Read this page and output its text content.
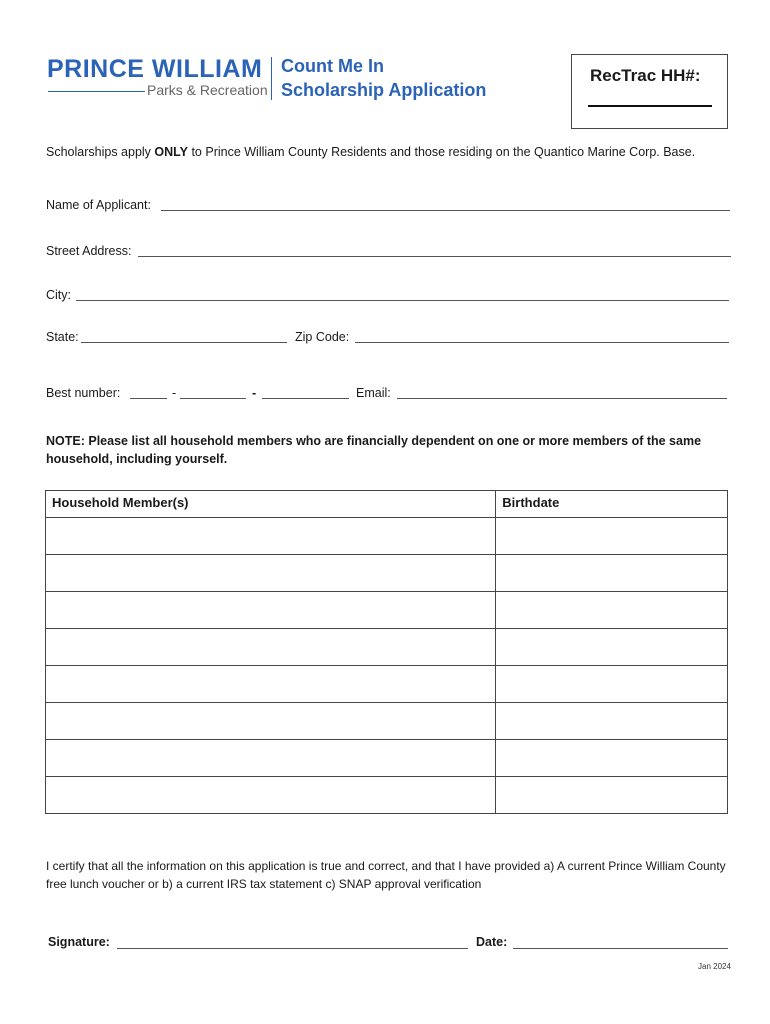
PRINCE WILLIAM
Parks & Recreation
Count Me In
Scholarship Application
RecTrac HH#:
Scholarships apply ONLY to Prince William County Residents and those residing on the Quantico Marine Corp. Base.
Name of Applicant:
Street Address:
City:
State:	Zip Code:
Best number:	-	-	Email:
NOTE: Please list all household members who are financially dependent on one or more members of the same household, including yourself.
Household Member(s)	Birthdate

I certify that all the information on this application is true and correct, and that I have provided a) A current Prince William County free lunch voucher or b) a current IRS tax statement c) SNAP approval verification
Signature:	Date:
Jan 2024
